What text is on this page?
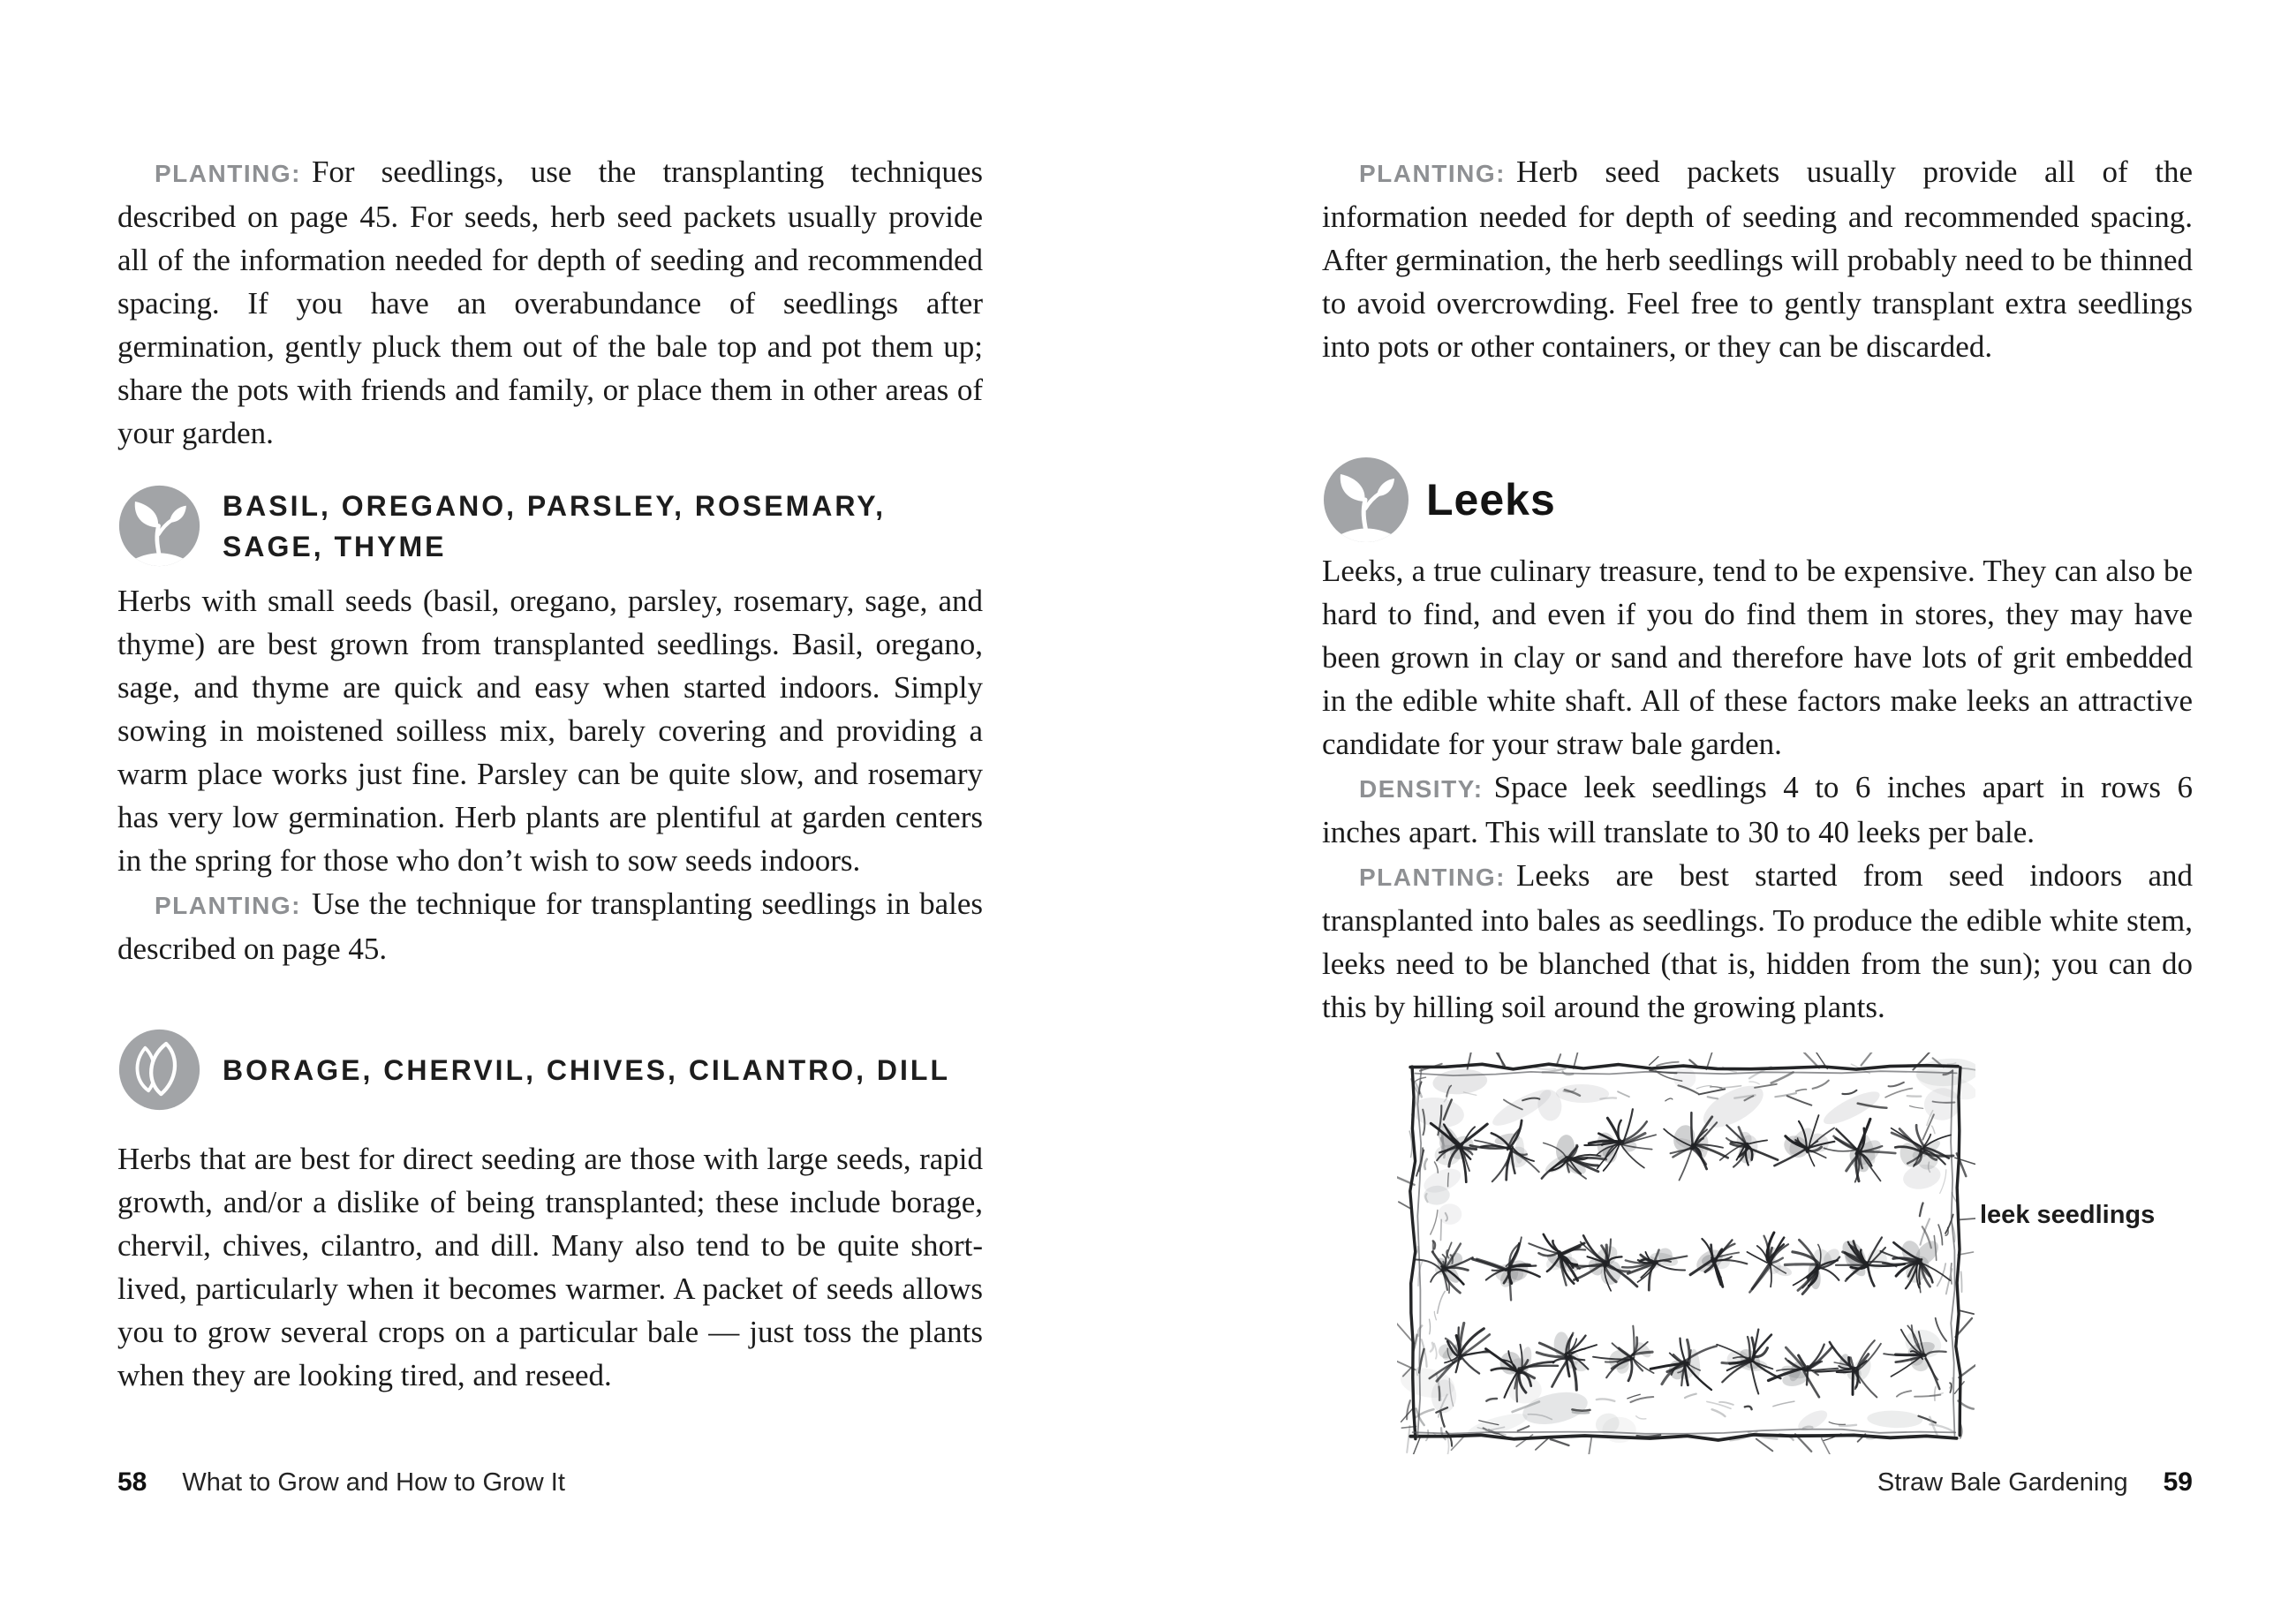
PLANTING: For seedlings, use the transplanting techniques described on page 45. For seeds, herb seed packets usually provide all of the information needed for depth of seeding and recommended spacing. If you have an overabundance of seedlings after germination, gently pluck them out of the bale top and pot them up; share the pots with friends and family, or place them in other areas of your garden.

BASIL, OREGANO, PARSLEY, ROSEMARY,
SAGE, THYME

Herbs with small seeds (basil, oregano, parsley, rosemary, sage, and thyme) are best grown from transplanted seedlings. Basil, oregano, sage, and thyme are quick and easy when started indoors. Simply sowing in moistened soilless mix, barely covering and providing a warm place works just fine. Parsley can be quite slow, and rosemary has very low germination. Herb plants are plentiful at garden centers in the spring for those who don’t wish to sow seeds indoors.

PLANTING: Use the technique for transplanting seedlings in bales described on page 45.

BORAGE, CHERVIL, CHIVES, CILANTRO, DILL

Herbs that are best for direct seeding are those with large seeds, rapid growth, and/or a dislike of being transplanted; these include borage, chervil, chives, cilantro, and dill. Many also tend to be quite short-lived, particularly when it becomes warmer. A packet of seeds allows you to grow several crops on a particular bale — just toss the plants when they are looking tired, and reseed.

58 What to Grow and How to Grow It

PLANTING: Herb seed packets usually provide all of the information needed for depth of seeding and recommended spacing. After germination, the herb seedlings will probably need to be thinned to avoid overcrowding. Feel free to gently transplant extra seedlings into pots or other containers, or they can be discarded.

Leeks

Leeks, a true culinary treasure, tend to be expensive. They can also be hard to find, and even if you do find them in stores, they may have been grown in clay or sand and therefore have lots of grit embedded in the edible white shaft. All of these factors make leeks an attractive candidate for your straw bale garden.

DENSITY: Space leek seedlings 4 to 6 inches apart in rows 6 inches apart. This will translate to 30 to 40 leeks per bale.

PLANTING: Leeks are best started from seed indoors and transplanted into bales as seedlings. To produce the edible white stem, leeks need to be blanched (that is, hidden from the sun); you can do this by hilling soil around the growing plants.

leek seedlings
Straw Bale Gardening 59
